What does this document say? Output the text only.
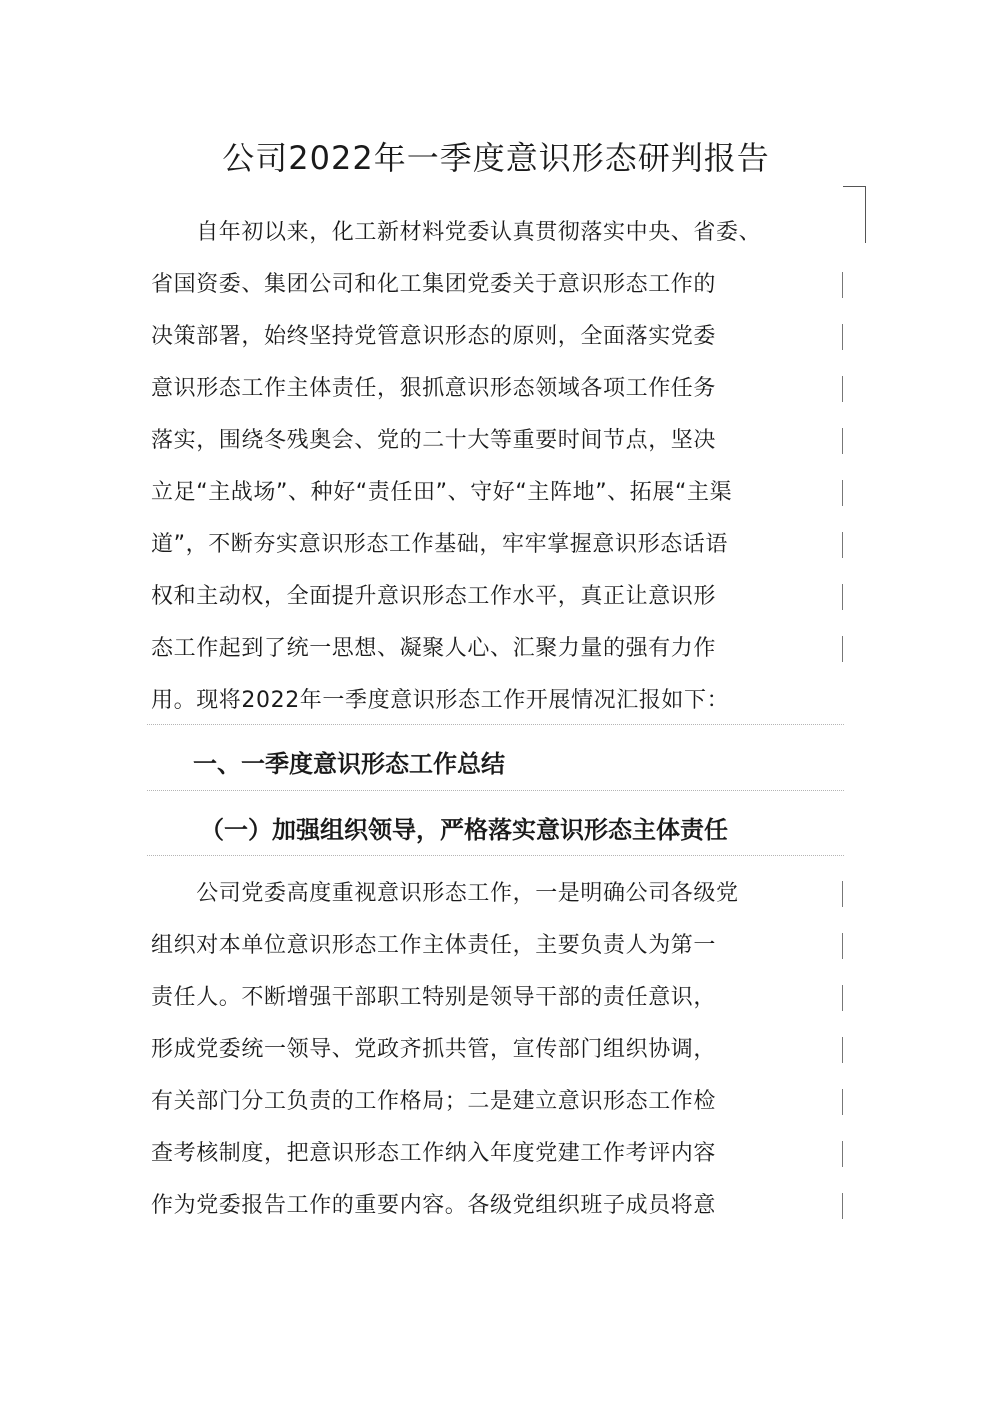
公司2022年一季度意识形态研判报告
　　自年初以来，化工新材料党委认真贯彻落实中央、省委、
省国资委、集团公司和化工集团党委关于意识形态工作的
决策部署，始终坚持党管意识形态的原则，全面落实党委
意识形态工作主体责任，狠抓意识形态领域各项工作任务
落实，围绕冬残奥会、党的二十大等重要时间节点，坚决
立足“主战场”、种好“责任田”、守好“主阵地”、拓展“主渠
道”，不断夯实意识形态工作基础，牢牢掌握意识形态话语
权和主动权，全面提升意识形态工作水平，真正让意识形
态工作起到了统一思想、凝聚人心、汇聚力量的强有力作
用。现将2022年一季度意识形态工作开展情况汇报如下：
一、一季度意识形态工作总结
（一）加强组织领导，严格落实意识形态主体责任
　　公司党委高度重视意识形态工作，一是明确公司各级党
组织对本单位意识形态工作主体责任，主要负责人为第一
责任人。不断增强干部职工特别是领导干部的责任意识，
形成党委统一领导、党政齐抓共管，宣传部门组织协调，
有关部门分工负责的工作格局；二是建立意识形态工作检
查考核制度，把意识形态工作纳入年度党建工作考评内容
作为党委报告工作的重要内容。各级党组织班子成员将意
